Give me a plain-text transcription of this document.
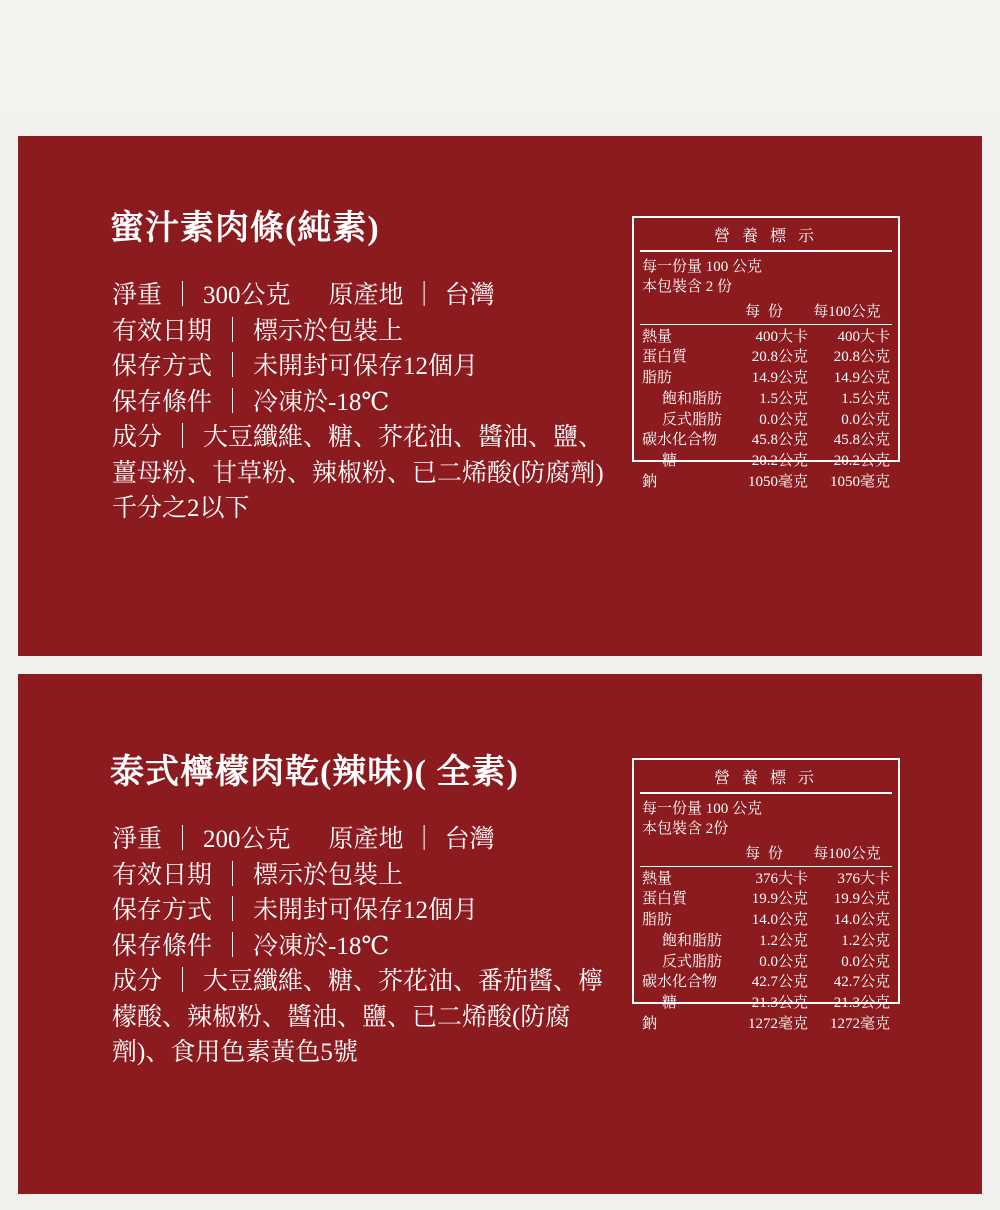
蜜汁素肉條(純素)
淨重 ｜ 300公克 原產地 ｜ 台灣
有效日期 ｜ 標示於包裝上
保存方式 ｜ 未開封可保存12個月
保存條件 ｜ 冷凍於-18℃
成分 ｜ 大豆纖維、糖、芥花油、醬油、鹽、薑母粉、甘草粉、辣椒粉、已二烯酸(防腐劑)千分之2以下
營 養 標 示
每一份量 100 公克
本包裝含 2 份
每 份	每100公克
熱量	400大卡	400大卡
蛋白質	20.8公克	20.8公克
脂肪	14.9公克	14.9公克
飽和脂肪	1.5公克	1.5公克
反式脂肪	0.0公克	0.0公克
碳水化合物	45.8公克	45.8公克
糖	20.2公克	20.2公克
鈉	1050毫克	1050毫克
泰式檸檬肉乾(辣味)( 全素)
淨重 ｜ 200公克 原產地 ｜ 台灣
有效日期 ｜ 標示於包裝上
保存方式 ｜ 未開封可保存12個月
保存條件 ｜ 冷凍於-18℃
成分 ｜ 大豆纖維、糖、芥花油、番茄醬、檸檬酸、辣椒粉、醬油、鹽、已二烯酸(防腐劑)、食用色素黃色5號
營 養 標 示
每一份量 100 公克
本包裝含 2份
每 份	每100公克
熱量	376大卡	376大卡
蛋白質	19.9公克	19.9公克
脂肪	14.0公克	14.0公克
飽和脂肪	1.2公克	1.2公克
反式脂肪	0.0公克	0.0公克
碳水化合物	42.7公克	42.7公克
糖	21.3公克	21.3公克
鈉	1272毫克	1272毫克
